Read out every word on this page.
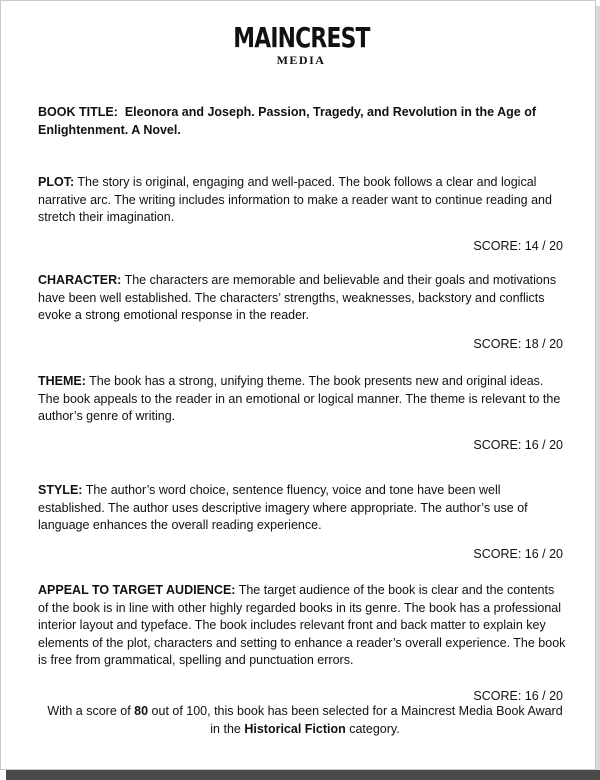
MAINCREST
MEDIA

BOOK TITLE: Eleonora and Joseph. Passion, Tragedy, and Revolution in the Age of Enlightenment. A Novel.

PLOT: The story is original, engaging and well-paced. The book follows a clear and logical narrative arc. The writing includes information to make a reader want to continue reading and stretch their imagination.

SCORE: 14 / 20

CHARACTER: The characters are memorable and believable and their goals and motivations have been well established. The characters’ strengths, weaknesses, backstory and conflicts evoke a strong emotional response in the reader.

SCORE: 18 / 20

THEME: The book has a strong, unifying theme. The book presents new and original ideas. The book appeals to the reader in an emotional or logical manner. The theme is relevant to the author’s genre of writing.

SCORE: 16 / 20

STYLE: The author’s word choice, sentence fluency, voice and tone have been well established. The author uses descriptive imagery where appropriate. The author’s use of language enhances the overall reading experience.

SCORE: 16 / 20

APPEAL TO TARGET AUDIENCE: The target audience of the book is clear and the contents of the book is in line with other highly regarded books in its genre. The book has a professional interior layout and typeface. The book includes relevant front and back matter to explain key elements of the plot, characters and setting to enhance a reader’s overall experience. The book is free from grammatical, spelling and punctuation errors.

SCORE: 16 / 20

With a score of 80 out of 100, this book has been selected for a Maincrest Media Book Award in the Historical Fiction category.
